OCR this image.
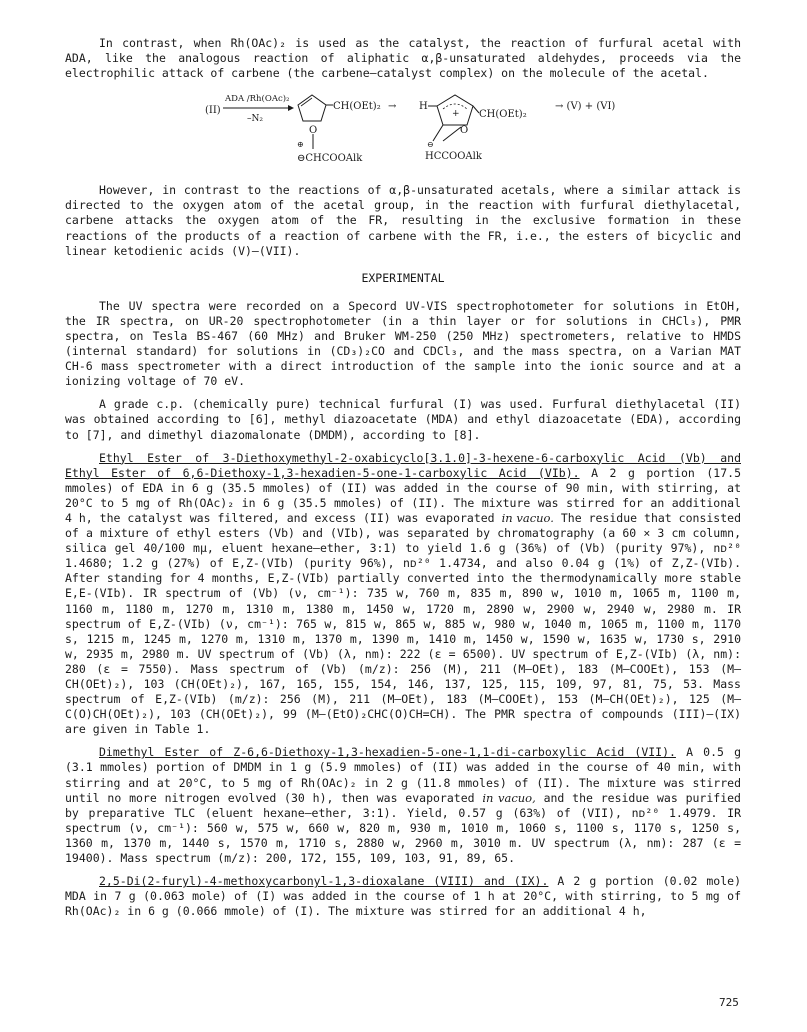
In contrast, when Rh(OAc)₂ is used as the catalyst, the reaction of furfural acetal with ADA, like the analogous reaction of aliphatic α,β-unsaturated aldehydes, proceeds via the electrophilic attack of carbene (the carbene–catalyst complex) on the molecule of the acetal.

(II)
ADA /Rh(OAc)₂
–N₂
O
CH(OEt)₂ →
⊕
⊖CHCOOAlk
H
+
O
CH(OEt)₂
⊖
HCCOOAlk
→ (V) + (VI)

However, in contrast to the reactions of α,β-unsaturated acetals, where a similar attack is directed to the oxygen atom of the acetal group, in the reaction with furfural diethylacetal, carbene attacks the oxygen atom of the FR, resulting in the exclusive formation in these reactions of the products of a reaction of carbene with the FR, i.e., the esters of bicyclic and linear ketodienic acids (V)–(VII).

EXPERIMENTAL

The UV spectra were recorded on a Specord UV-VIS spectrophotometer for solutions in EtOH, the IR spectra, on UR-20 spectrophotometer (in a thin layer or for solutions in CHCl₃), PMR spectra, on Tesla BS-467 (60 MHz) and Bruker WM-250 (250 MHz) spectrometers, relative to HMDS (internal standard) for solutions in (CD₃)₂CO and CDCl₃, and the mass spectra, on a Varian MAT CH-6 mass spectrometer with a direct introduction of the sample into the ionic source and at a ionizing voltage of 70 eV.

A grade c.p. (chemically pure) technical furfural (I) was used. Furfural diethylacetal (II) was obtained according to [6], methyl diazoacetate (MDA) and ethyl diazoacetate (EDA), according to [7], and dimethyl diazomalonate (DMDM), according to [8].

Ethyl Ester of 3-Diethoxymethyl-2-oxabicyclo[3.1.0]-3-hexene-6-carboxylic Acid (Vb) and Ethyl Ester of 6,6-Diethoxy-1,3-hexadien-5-one-1-carboxylic Acid (VIb). A 2 g portion (17.5 mmoles) of EDA in 6 g (35.5 mmoles) of (II) was added in the course of 90 min, with stirring, at 20°C to 5 mg of Rh(OAc)₂ in 6 g (35.5 mmoles) of (II). The mixture was stirred for an additional 4 h, the catalyst was filtered, and excess (II) was evaporated in vacuo. The residue that consisted of a mixture of ethyl esters (Vb) and (VIb), was separated by chromatography (a 60 × 3 cm column, silica gel 40/100 mμ, eluent hexane–ether, 3:1) to yield 1.6 g (36%) of (Vb) (purity 97%), nᴅ²⁰ 1.4680; 1.2 g (27%) of E,Z-(VIb) (purity 96%), nᴅ²⁰ 1.4734, and also 0.04 g (1%) of Z,Z-(VIb). After standing for 4 months, E,Z-(VIb) partially converted into the thermodynamically more stable E,E-(VIb). IR spectrum of (Vb) (ν, cm⁻¹): 735 w, 760 m, 835 m, 890 w, 1010 m, 1065 m, 1100 m, 1160 m, 1180 m, 1270 m, 1310 m, 1380 m, 1450 w, 1720 m, 2890 w, 2900 w, 2940 w, 2980 m. IR spectrum of E,Z-(VIb) (ν, cm⁻¹): 765 w, 815 w, 865 w, 885 w, 980 w, 1040 m, 1065 m, 1100 m, 1170 s, 1215 m, 1245 m, 1270 m, 1310 m, 1370 m, 1390 m, 1410 m, 1450 w, 1590 w, 1635 w, 1730 s, 2910 w, 2935 m, 2980 m. UV spectrum of (Vb) (λ, nm): 222 (ε = 6500). UV spectrum of E,Z-(VIb) (λ, nm): 280 (ε = 7550). Mass spectrum of (Vb) (m/z): 256 (M), 211 (M–OEt), 183 (M–COOEt), 153 (M–CH(OEt)₂), 103 (CH(OEt)₂), 167, 165, 155, 154, 146, 137, 125, 115, 109, 97, 81, 75, 53. Mass spectrum of E,Z-(VIb) (m/z): 256 (M), 211 (M–OEt), 183 (M–COOEt), 153 (M–CH(OEt)₂), 125 (M–C(O)CH(OEt)₂), 103 (CH(OEt)₂), 99 (M–(EtO)₂CHC(O)CH=CH). The PMR spectra of compounds (III)–(IX) are given in Table 1.

Dimethyl Ester of Z-6,6-Diethoxy-1,3-hexadien-5-one-1,1-di-carboxylic Acid (VII). A 0.5 g (3.1 mmoles) portion of DMDM in 1 g (5.9 mmoles) of (II) was added in the course of 40 min, with stirring and at 20°C, to 5 mg of Rh(OAc)₂ in 2 g (11.8 mmoles) of (II). The mixture was stirred until no more nitrogen evolved (30 h), then was evaporated in vacuo, and the residue was purified by preparative TLC (eluent hexane–ether, 3:1). Yield, 0.57 g (63%) of (VII), nᴅ²⁰ 1.4979. IR spectrum (ν, cm⁻¹): 560 w, 575 w, 660 w, 820 m, 930 m, 1010 m, 1060 s, 1100 s, 1170 s, 1250 s, 1360 m, 1370 m, 1440 s, 1570 m, 1710 s, 2880 w, 2960 m, 3010 m. UV spectrum (λ, nm): 287 (ε = 19400). Mass spectrum (m/z): 200, 172, 155, 109, 103, 91, 89, 65.

2,5-Di(2-furyl)-4-methoxycarbonyl-1,3-dioxalane (VIII) and (IX). A 2 g portion (0.02 mole) MDA in 7 g (0.063 mole) of (I) was added in the course of 1 h at 20°C, with stirring, to 5 mg of Rh(OAc)₂ in 6 g (0.066 mmole) of (I). The mixture was stirred for an additional 4 h,

725
